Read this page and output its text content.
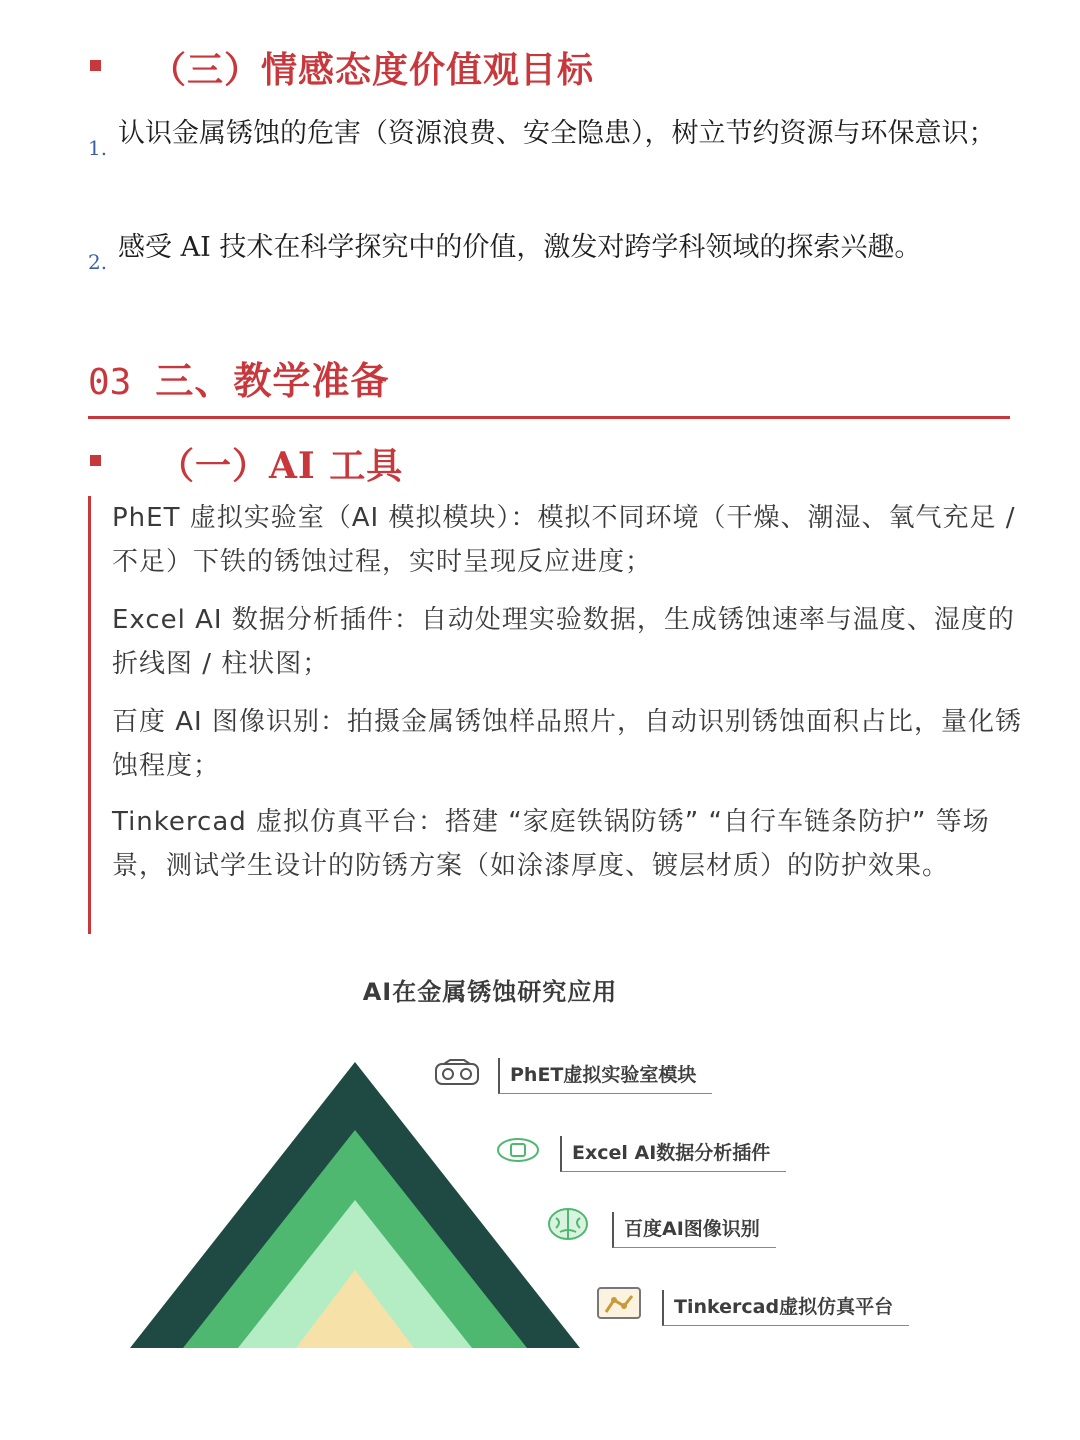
（三）情感态度价值观目标
1. 认识金属锈蚀的危害（资源浪费、安全隐患），树立节约资源与环保意识；
2. 感受 AI 技术在科学探究中的价值，激发对跨学科领域的探索兴趣。
03 三、教学准备
（一）AI 工具
PhET 虚拟实验室（AI 模拟模块）：模拟不同环境（干燥、潮湿、氧气充足 / 不足）下铁的锈蚀过程，实时呈现反应进度；
Excel AI 数据分析插件：自动处理实验数据，生成锈蚀速率与温度、湿度的折线图 / 柱状图；
百度 AI 图像识别：拍摄金属锈蚀样品照片，自动识别锈蚀面积占比，量化锈蚀程度；
Tinkercad 虚拟仿真平台：搭建 “家庭铁锅防锈” “自行车链条防护” 等场景，测试学生设计的防锈方案（如涂漆厚度、镀层材质）的防护效果。
AI在金属锈蚀研究应用
PhET虚拟实验室模块
Excel AI数据分析插件
百度AI图像识别
Tinkercad虚拟仿真平台
